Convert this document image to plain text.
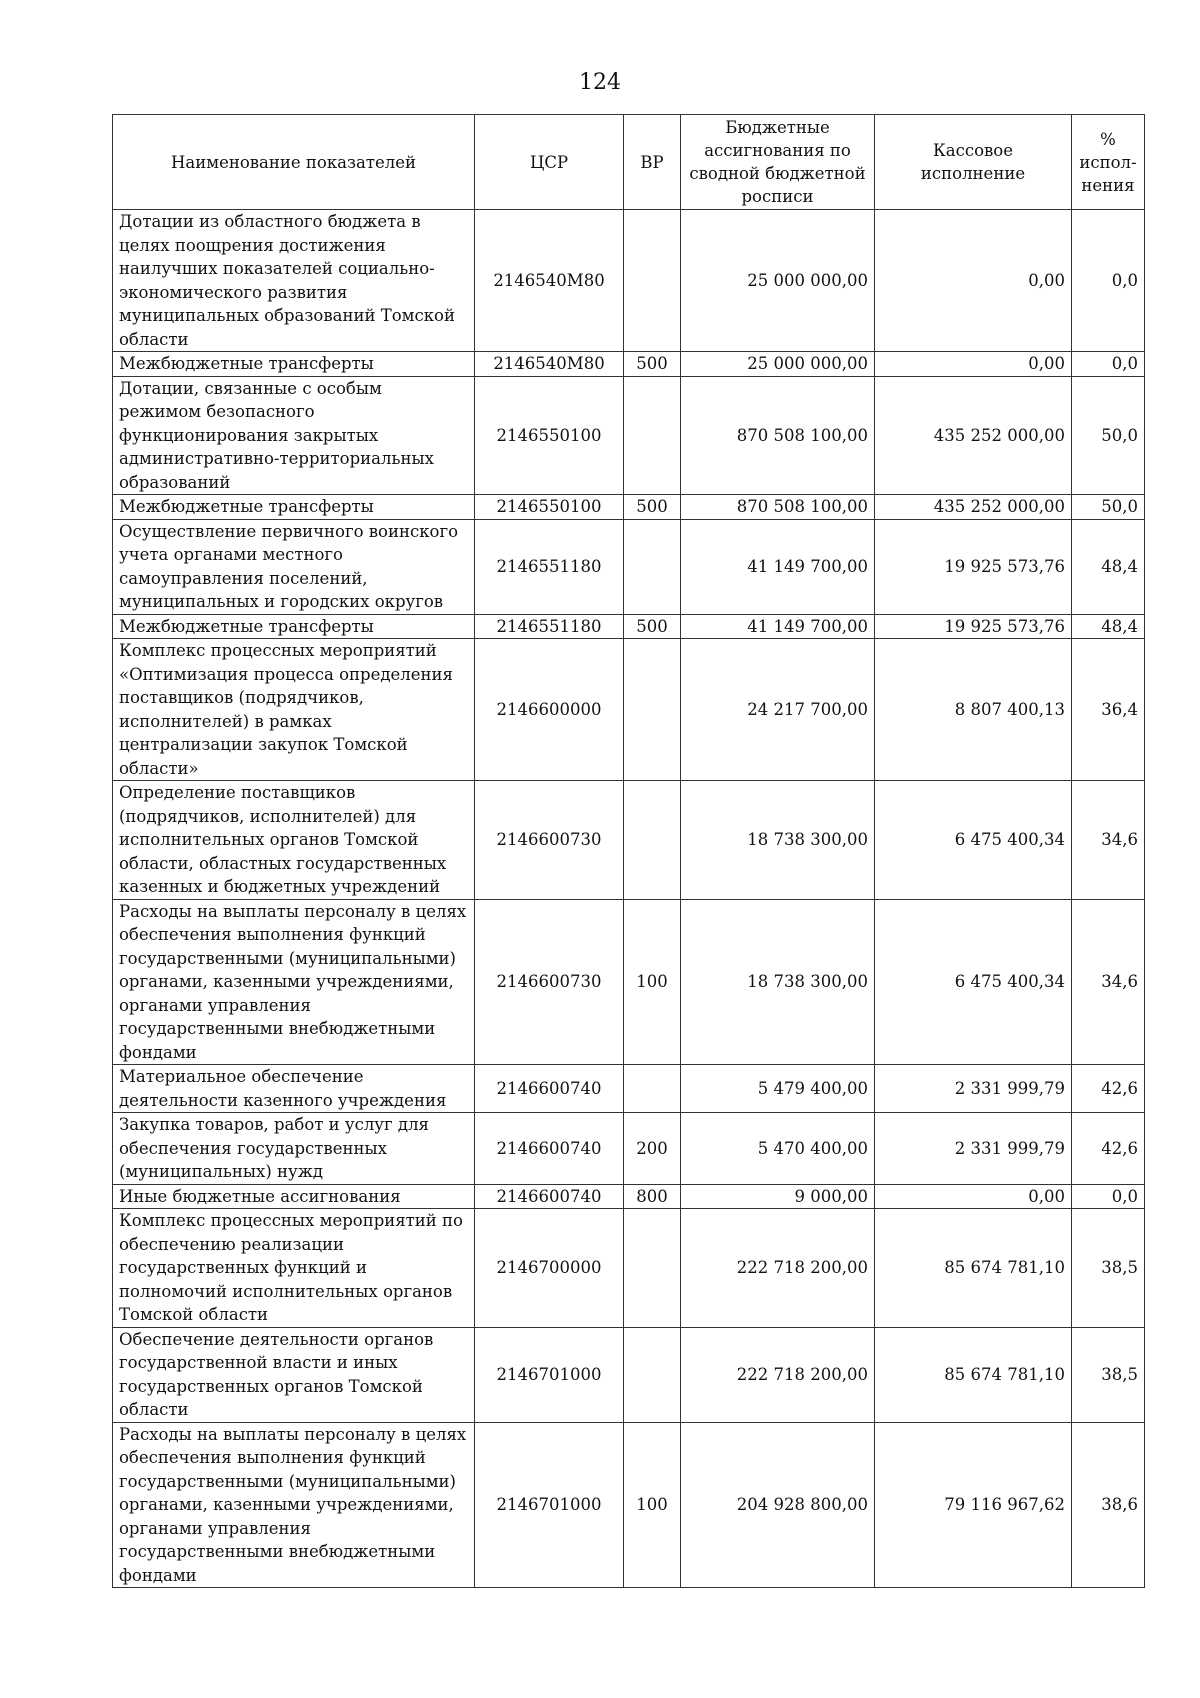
124
Наименование показателей	ЦСР	ВР	Бюджетные ассигнования по сводной бюджетной росписи	Кассовое исполнение	% испол-нения
Дотации из областного бюджета в целях поощрения достижения наилучших показателей социально-экономического развития муниципальных образований Томской области	2146540М80		25 000 000,00	0,00	0,0
Межбюджетные трансферты	2146540М80	500	25 000 000,00	0,00	0,0
Дотации, связанные с особым режимом безопасного функционирования закрытых административно-территориальных образований	2146550100		870 508 100,00	435 252 000,00	50,0
Межбюджетные трансферты	2146550100	500	870 508 100,00	435 252 000,00	50,0
Осуществление первичного воинского учета органами местного самоуправления поселений, муниципальных и городских округов	2146551180		41 149 700,00	19 925 573,76	48,4
Межбюджетные трансферты	2146551180	500	41 149 700,00	19 925 573,76	48,4
Комплекс процессных мероприятий «Оптимизация процесса определения поставщиков (подрядчиков, исполнителей) в рамках централизации закупок Томской области»	2146600000		24 217 700,00	8 807 400,13	36,4
Определение поставщиков (подрядчиков, исполнителей) для исполнительных органов Томской области, областных государственных казенных и бюджетных учреждений	2146600730		18 738 300,00	6 475 400,34	34,6
Расходы на выплаты персоналу в целях обеспечения выполнения функций государственными (муниципальными) органами, казенными учреждениями, органами управления государственными внебюджетными фондами	2146600730	100	18 738 300,00	6 475 400,34	34,6
Материальное обеспечение деятельности казенного учреждения	2146600740		5 479 400,00	2 331 999,79	42,6
Закупка товаров, работ и услуг для обеспечения государственных (муниципальных) нужд	2146600740	200	5 470 400,00	2 331 999,79	42,6
Иные бюджетные ассигнования	2146600740	800	9 000,00	0,00	0,0
Комплекс процессных мероприятий по обеспечению реализации государственных функций и полномочий исполнительных органов Томской области	2146700000		222 718 200,00	85 674 781,10	38,5
Обеспечение деятельности органов государственной власти и иных государственных органов Томской области	2146701000		222 718 200,00	85 674 781,10	38,5
Расходы на выплаты персоналу в целях обеспечения выполнения функций государственными (муниципальными) органами, казенными учреждениями, органами управления государственными внебюджетными фондами	2146701000	100	204 928 800,00	79 116 967,62	38,6
